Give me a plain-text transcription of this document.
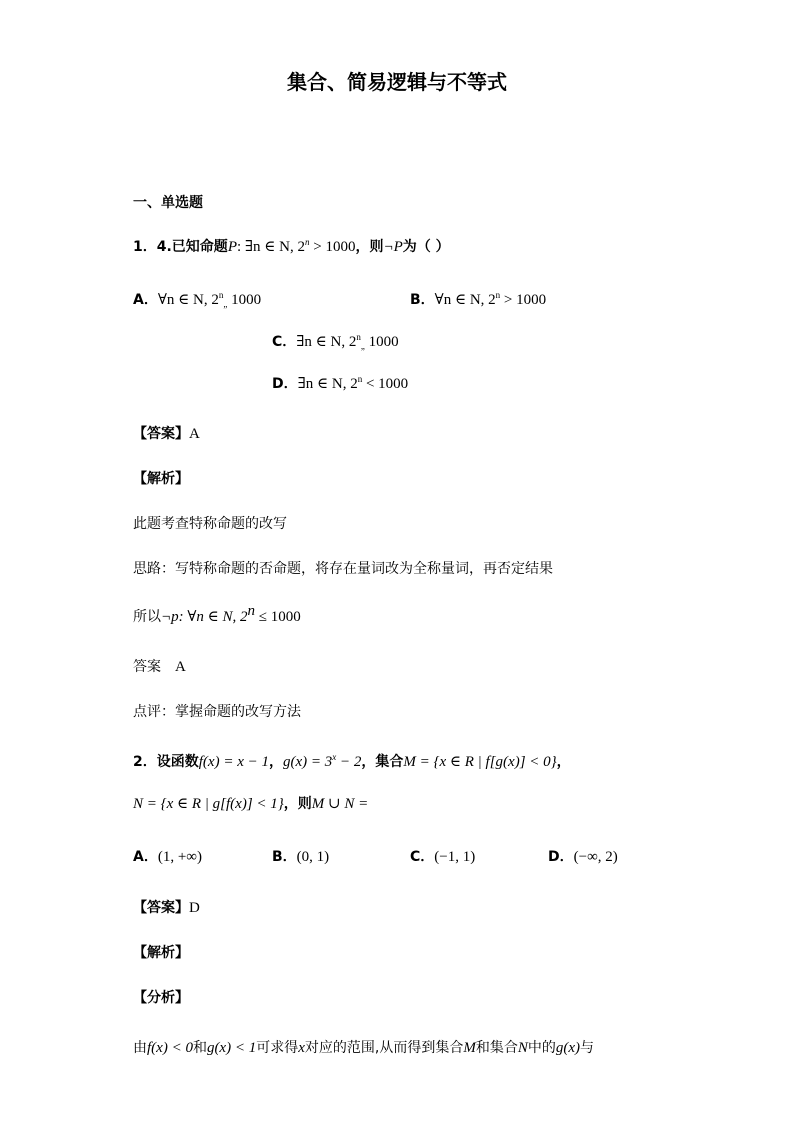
集合、简易逻辑与不等式
一、单选题
1．4.已知命题P: ∃n ∈ N, $2^n > 1000$，则¬P为（ ）
A．∀n ∈ N, $2^n_„$ 1000	B．∀n ∈ N, $2^n > 1000$
C．∃n ∈ N, $2^n_„$ 1000
D．∃n ∈ N, $2^n < 1000$
【答案】A
【解析】
此题考查特称命题的改写
思路：写特称命题的否命题，将存在量词改为全称量词，再否定结果
所以¬p: ∀n ∈ N, $2^n \le 1000$
答案 A
点评：掌握命题的改写方法
2．设函数f(x) = x − 1，$g(x) = 3^x - 2$，集合M = {x ∈ R | f[g(x)] < 0}，
N = {x ∈ R | g[f(x)] < 1}，则M ∪ N =
A．(1, +∞)	B．(0, 1)	C．(−1, 1)	D．(−∞, 2)
【答案】D
【解析】
【分析】
由f(x) < 0和g(x) < 1可求得x对应的范围,从而得到集合M和集合N中的g(x)与
